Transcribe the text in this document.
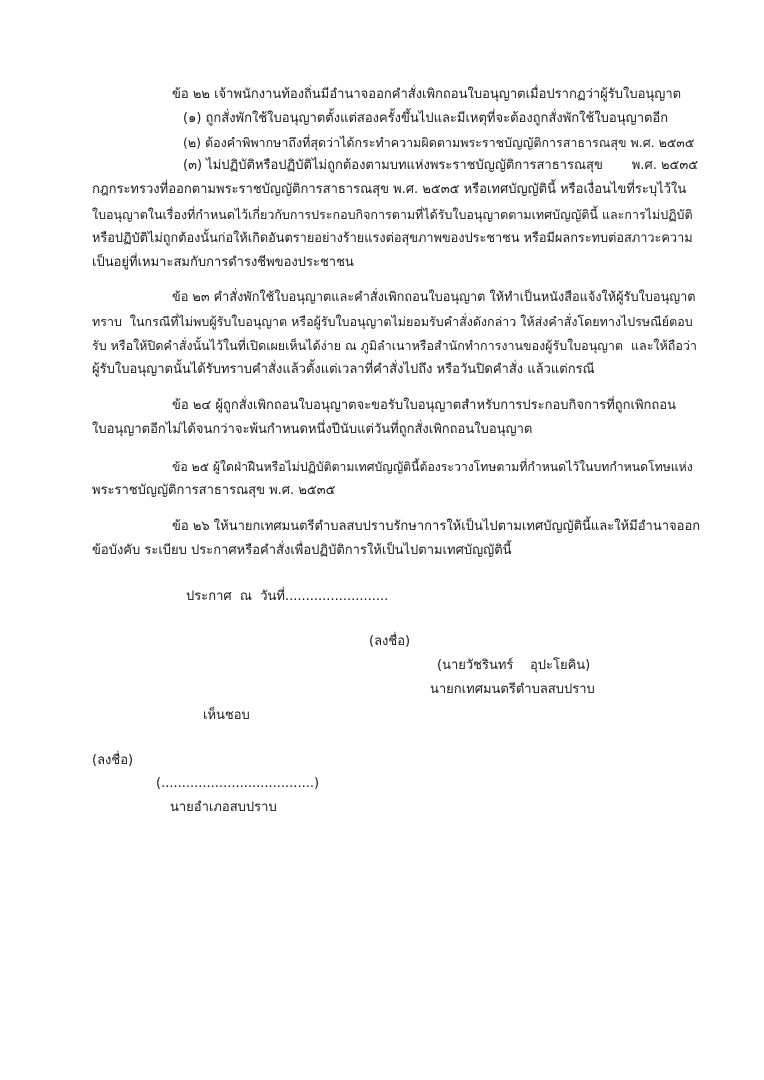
ข้อ ๒๒ เจ้าพนักงานท้องถิ่นมีอำนาจออกคำสั่งเพิกถอนใบอนุญาตเมื่อปรากฏว่าผู้รับใบอนุญาต
(๑) ถูกสั่งพักใช้ใบอนุญาตตั้งแต่สองครั้งขึ้นไปและมีเหตุที่จะต้องถูกสั่งพักใช้ใบอนุญาตอีก
(๒) ต้องคำพิพากษาถึงที่สุดว่าได้กระทำความผิดตามพระราชบัญญัติการสาธารณสุข พ.ศ. ๒๕๓๕
(๓) ไม่ปฏิบัติหรือปฏิบัติไม่ถูกต้องตามบทแห่งพระราชบัญญัติการสาธารณสุข       พ.ศ. ๒๕๓๕
กฎกระทรวงที่ออกตามพระราชบัญญัติการสาธารณสุข พ.ศ. ๒๕๓๕ หรือเทศบัญญัตินี้ หรือเงื่อนไขที่ระบุไว้ใน
ใบอนุญาตในเรื่องที่กำหนดไว้เกี่ยวกับการประกอบกิจการตามที่ได้รับใบอนุญาตตามเทศบัญญัตินี้ และการไม่ปฏิบัติ
หรือปฏิบัติไม่ถูกต้องนั้นก่อให้เกิดอันตรายอย่างร้ายแรงต่อสุขภาพของประชาชน หรือมีผลกระทบต่อสภาวะความ
เป็นอยู่ที่เหมาะสมกับการดำรงชีพของประชาชน
ข้อ ๒๓ คำสั่งพักใช้ใบอนุญาตและคำสั่งเพิกถอนใบอนุญาต ให้ทำเป็นหนังสือแจ้งให้ผู้รับใบอนุญาต
ทราบ  ในกรณีที่ไม่พบผู้รับใบอนุญาต หรือผู้รับใบอนุญาตไม่ยอมรับคำสั่งดังกล่าว ให้ส่งคำสั่งโดยทางไปรษณีย์ตอบ
รับ หรือให้ปิดคำสั่งนั้นไว้ในที่เปิดเผยเห็นได้ง่าย ณ ภูมิลำเนาหรือสำนักทำการงานของผู้รับใบอนุญาต  และให้ถือว่า
ผู้รับใบอนุญาตนั้นได้รับทราบคำสั่งแล้วตั้งแต่เวลาที่คำสั่งไปถึง หรือวันปิดคำสั่ง แล้วแต่กรณี
ข้อ ๒๔ ผู้ถูกสั่งเพิกถอนใบอนุญาตจะขอรับใบอนุญาตสำหรับการประกอบกิจการที่ถูกเพิกถอน
ใบอนุญาตอีกไม่ได้จนกว่าจะพ้นกำหนดหนึ่งปีนับแต่วันที่ถูกสั่งเพิกถอนใบอนุญาต
ข้อ ๒๕ ผู้ใดฝ่าฝืนหรือไม่ปฏิบัติตามเทศบัญญัตินี้ต้องระวางโทษตามที่กำหนดไว้ในบทกำหนดโทษแห่ง
พระราชบัญญัติการสาธารณสุข พ.ศ. ๒๕๓๕
ข้อ ๒๖ ให้นายกเทศมนตรีตำบลสบปราบรักษาการให้เป็นไปตามเทศบัญญัตินี้และให้มีอำนาจออก
ข้อบังคับ ระเบียบ ประกาศหรือคำสั่งเพื่อปฏิบัติการให้เป็นไปตามเทศบัญญัตินี้
ประกาศ  ณ  วันที่.........................
(ลงชื่อ)
(นายวัชรินทร์    อุปะโยคิน)
นายกเทศมนตรีตำบลสบปราบ
เห็นชอบ
(ลงชื่อ)
(.....................................)
นายอำเภอสบปราบ
